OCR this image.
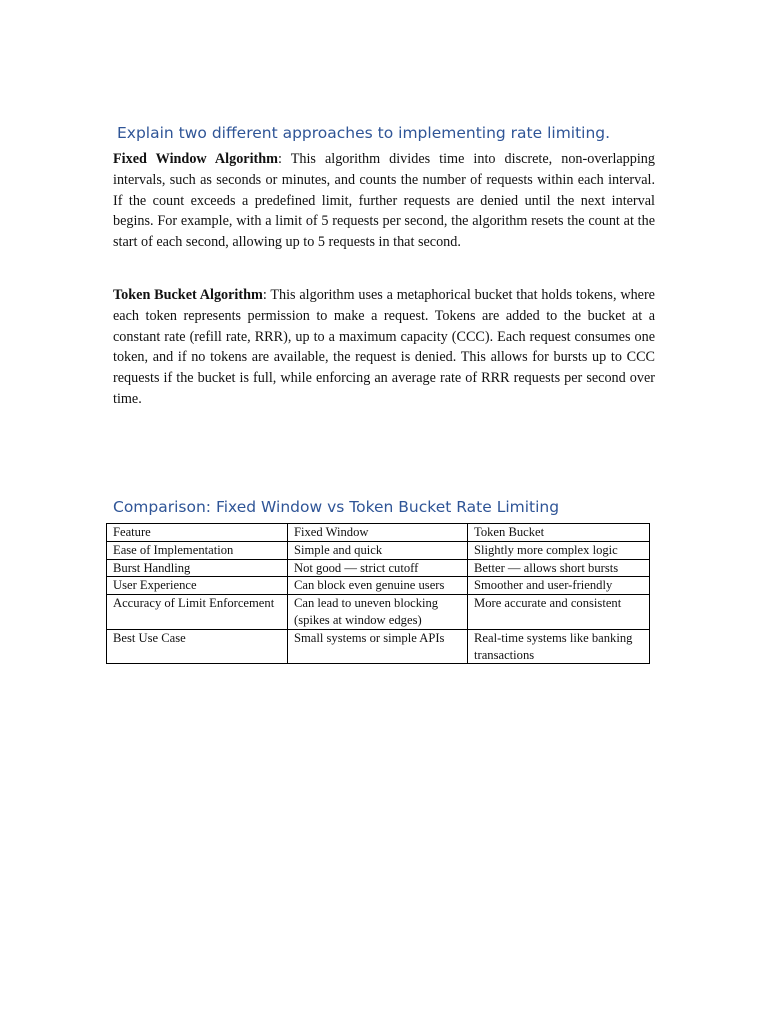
Explain two different approaches to implementing rate limiting.

Fixed Window Algorithm: This algorithm divides time into discrete, non-overlapping intervals, such as seconds or minutes, and counts the number of requests within each interval. If the count exceeds a predefined limit, further requests are denied until the next interval begins. For example, with a limit of 5 requests per second, the algorithm resets the count at the start of each second, allowing up to 5 requests in that second.

Token Bucket Algorithm: This algorithm uses a metaphorical bucket that holds tokens, where each token represents permission to make a request. Tokens are added to the bucket at a constant rate (refill rate, RRR), up to a maximum capacity (CCC). Each request consumes one token, and if no tokens are available, the request is denied. This allows for bursts up to CCC requests if the bucket is full, while enforcing an average rate of RRR requests per second over time.

Comparison: Fixed Window vs Token Bucket Rate Limiting
Feature	Fixed Window	Token Bucket
Ease of Implementation	Simple and quick	Slightly more complex logic
Burst Handling	Not good — strict cutoff	Better — allows short bursts
User Experience	Can block even genuine users	Smoother and user-friendly
Accuracy of Limit Enforcement	Can lead to uneven blocking (spikes at window edges)	More accurate and consistent
Best Use Case	Small systems or simple APIs	Real-time systems like banking transactions
